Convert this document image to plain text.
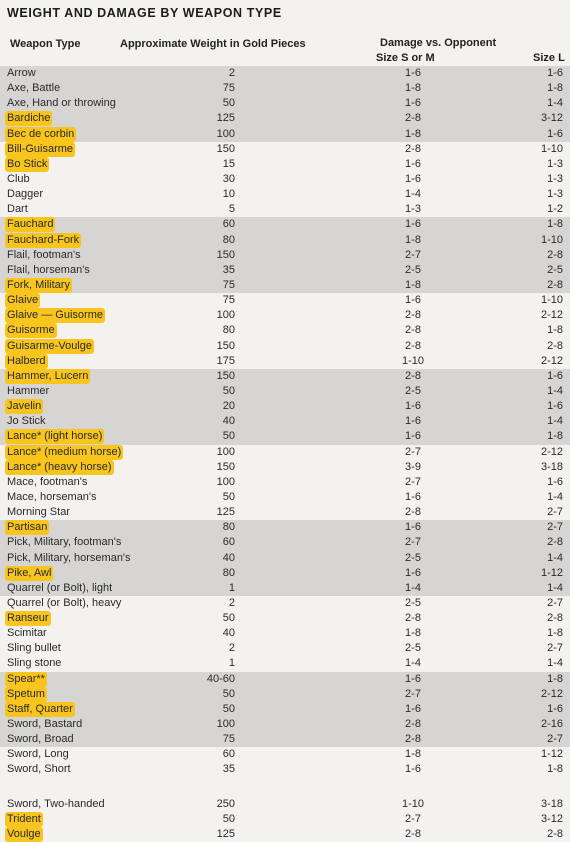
WEIGHT AND DAMAGE BY WEAPON TYPE
Weapon Type	Approximate Weight in Gold Pieces	Damage vs. Opponent
Size S or M	Size L
Arrow	2	1-6	1-6
Axe, Battle	75	1-8	1-8
Axe, Hand or throwing	50	1-6	1-4
Bardiche	125	2-8	3-12
Bec de corbin	100	1-8	1-6
Bill-Guisarme	150	2-8	1-10
Bo Stick	15	1-6	1-3
Club	30	1-6	1-3
Dagger	10	1-4	1-3
Dart	5	1-3	1-2
Fauchard	60	1-6	1-8
Fauchard-Fork	80	1-8	1-10
Flail, footman's	150	2-7	2-8
Flail, horseman's	35	2-5	2-5
Fork, Military	75	1-8	2-8
Glaive	75	1-6	1-10
Glaive — Guisorme	100	2-8	2-12
Guisorme	80	2-8	1-8
Guisarme-Voulge	150	2-8	2-8
Halberd	175	1-10	2-12
Hammer, Lucern	150	2-8	1-6
Hammer	50	2-5	1-4
Javelin	20	1-6	1-6
Jo Stick	40	1-6	1-4
Lance* (light horse)	50	1-6	1-8
Lance* (medium horse)	100	2-7	2-12
Lance* (heavy horse)	150	3-9	3-18
Mace, footman's	100	2-7	1-6
Mace, horseman's	50	1-6	1-4
Morning Star	125	2-8	2-7
Partisan	80	1-6	2-7
Pick, Military, footman's	60	2-7	2-8
Pick, Military, horseman's	40	2-5	1-4
Pike, Awl	80	1-6	1-12
Quarrel (or Bolt), light	1	1-4	1-4
Quarrel (or Bolt), heavy	2	2-5	2-7
Ranseur	50	2-8	2-8
Scimitar	40	1-8	1-8
Sling bullet	2	2-5	2-7
Sling stone	1	1-4	1-4
Spear**	40-60	1-6	1-8
Spetum	50	2-7	2-12
Staff, Quarter	50	1-6	1-6
Sword, Bastard	100	2-8	2-16
Sword, Broad	75	2-8	2-7
Sword, Long	60	1-8	1-12
Sword, Short	35	1-6	1-8
Sword, Two-handed	250	1-10	3-18
Trident	50	2-7	3-12
Voulge	125	2-8	2-8
